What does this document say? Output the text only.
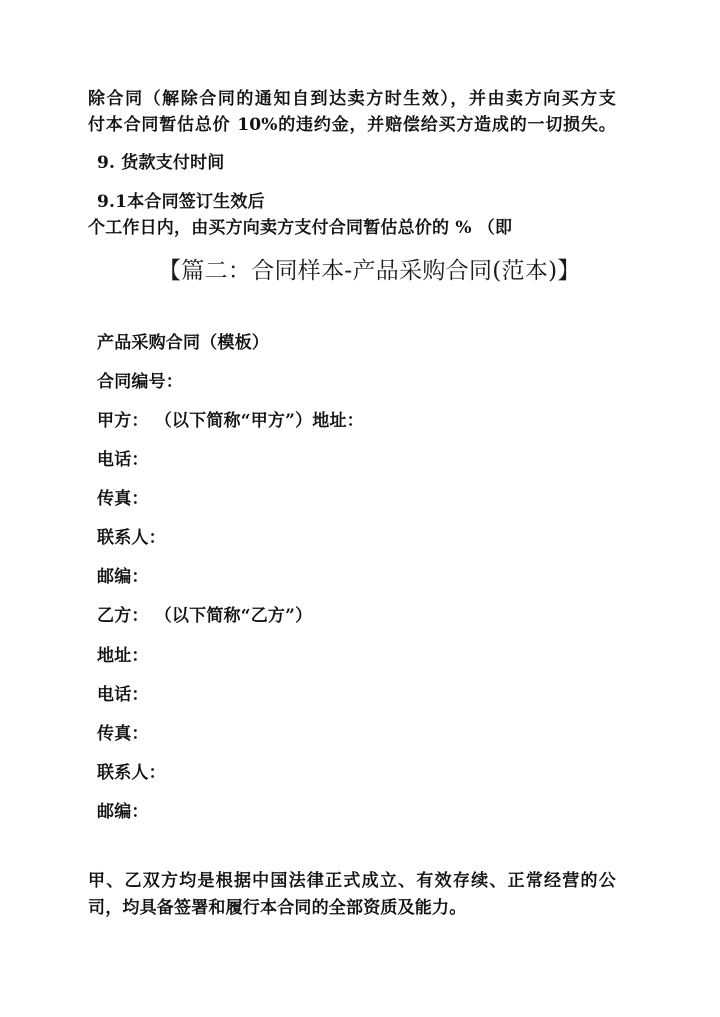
除合同（解除合同的通知自到达卖方时生效），并由卖方向买方支
付本合同暂估总价 10%的违约金，并赔偿给买方造成的一切损失。
9. 货款支付时间
9.1本合同签订生效后
个工作日内，由买方向卖方支付合同暂估总价的 % （即
【篇二：合同样本-产品采购合同(范本)】
产品采购合同（模板）
合同编号：
甲方： （以下简称“甲方”）地址：
电话：
传真：
联系人：
邮编：
乙方： （以下简称“乙方”）
地址：
电话：
传真：
联系人：
邮编：
甲、乙双方均是根据中国法律正式成立、有效存续、正常经营的公
司，均具备签署和履行本合同的全部资质及能力。
